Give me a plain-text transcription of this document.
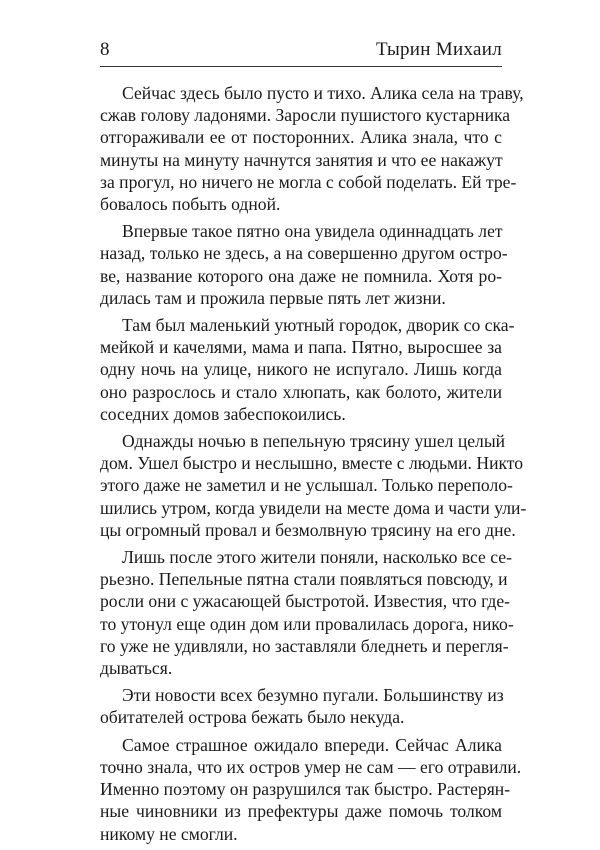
8	Тырин Михаил

Сейчас здесь было пусто и тихо. Алика села на траву,
сжав голову ладонями. Заросли пушистого кустарника
отгораживали ее от посторонних. Алика знала, что с
минуты на минуту начнутся занятия и что ее накажут
за прогул, но ничего не могла с собой поделать. Ей тре-
бовалось побыть одной.

Впервые такое пятно она увидела одиннадцать лет
назад, только не здесь, а на совершенно другом остро-
ве, название которого она даже не помнила. Хотя ро-
дилась там и прожила первые пять лет жизни.

Там был маленький уютный городок, дворик со ска-
мейкой и качелями, мама и папа. Пятно, выросшее за
одну ночь на улице, никого не испугало. Лишь когда
оно разрослось и стало хлюпать, как болото, жители
соседних домов забеспокоились.

Однажды ночью в пепельную трясину ушел целый
дом. Ушел быстро и неслышно, вместе с людьми. Никто
этого даже не заметил и не услышал. Только переполо-
шились утром, когда увидели на месте дома и части ули-
цы огромный провал и безмолвную трясину на его дне.

Лишь после этого жители поняли, насколько все се-
рьезно. Пепельные пятна стали появляться повсюду, и
росли они с ужасающей быстротой. Известия, что где-
то утонул еще один дом или провалилась дорога, нико-
го уже не удивляли, но заставляли бледнеть и перегля-
дываться.

Эти новости всех безумно пугали. Большинству из
обитателей острова бежать было некуда.

Самое страшное ожидало впереди. Сейчас Алика
точно знала, что их остров умер не сам — его отравили.
Именно поэтому он разрушился так быстро. Растерян-
ные чиновники из префектуры даже помочь толком
никому не смогли.
